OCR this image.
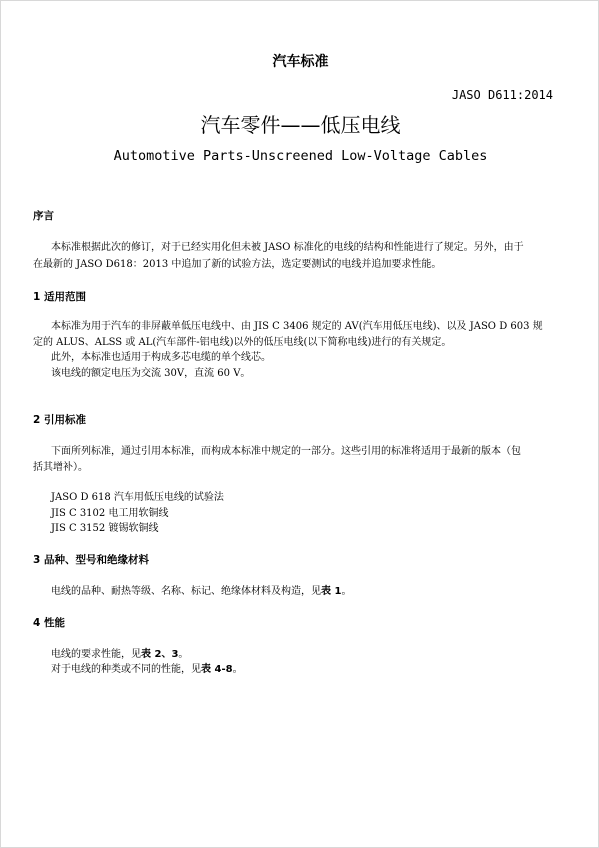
汽车标准
JASO D611:2014
汽车零件——低压电线
Automotive Parts-Unscreened Low-Voltage Cables
序言
本标准根据此次的修订，对于已经实用化但未被 JASO 标准化的电线的结构和性能进行了规定。另外，由于
在最新的 JASO D618：2013 中追加了新的试验方法，选定要测试的电线并追加要求性能。
1 适用范围
本标准为用于汽车的非屏蔽单低压电线中、由 JIS C 3406 规定的 AV(汽车用低压电线)、以及 JASO D 603 规
定的 ALUS、ALSS 或 AL(汽车部件-铝电线)以外的低压电线(以下简称电线)进行的有关规定。
此外，本标准也适用于构成多芯电缆的单个线芯。
该电线的额定电压为交流 30V，直流 60 V。
2 引用标准
下面所列标准，通过引用本标准，而构成本标准中规定的一部分。这些引用的标准将适用于最新的版本（包
括其增补）。
JASO D 618 汽车用低压电线的试验法
JIS C 3102 电工用软铜线
JIS C 3152 镀锡软铜线
3 品种、型号和绝缘材料
电线的品种、耐热等级、名称、标记、绝缘体材料及构造，见表 1。
4 性能
电线的要求性能，见表 2、3。
对于电线的种类或不同的性能，见表 4-8。
